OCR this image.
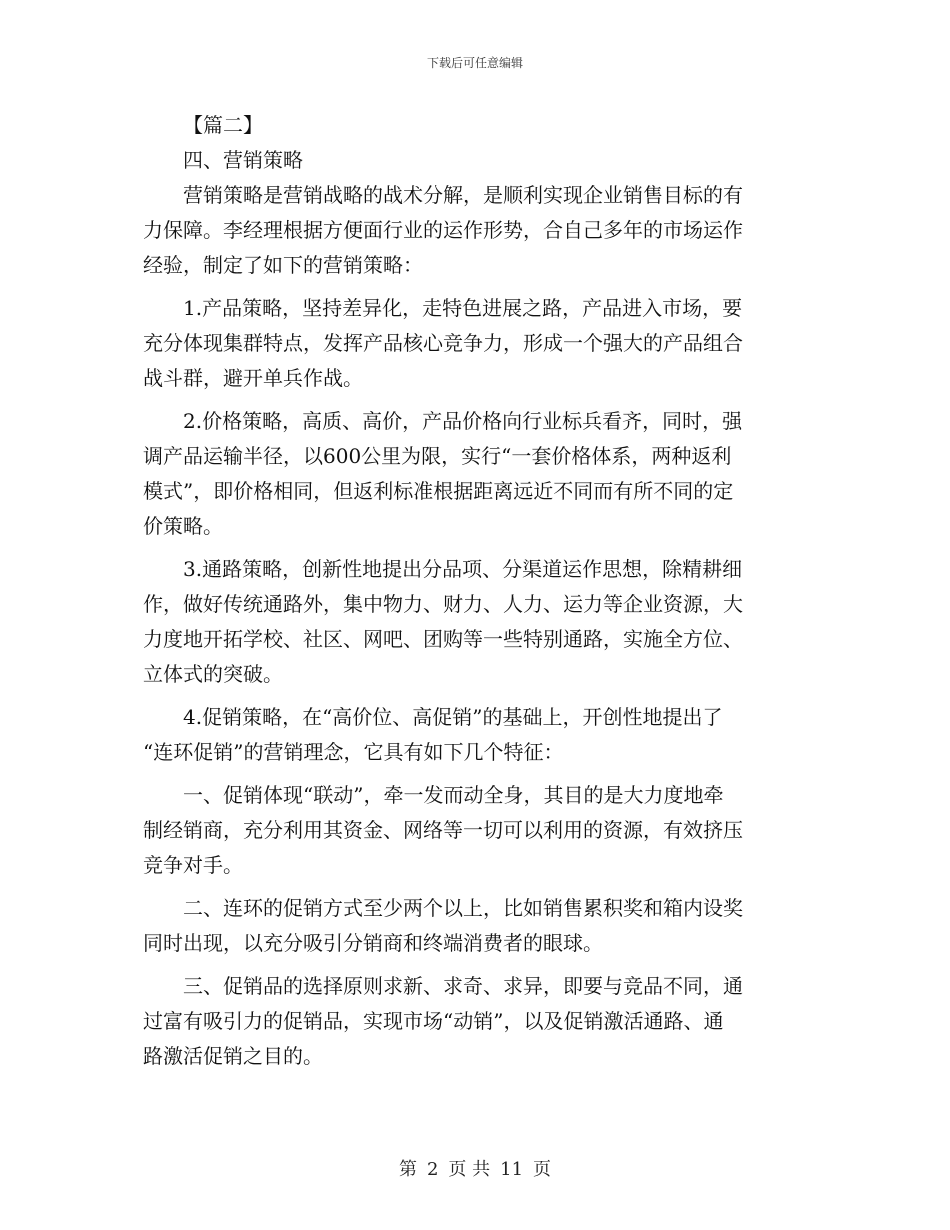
下载后可任意编辑
【篇二】
四、营销策略
营销策略是营销战略的战术分解，是顺利实现企业销售目标的有
力保障。李经理根据方便面行业的运作形势，合自己多年的市场运作
经验，制定了如下的营销策略：
1.产品策略，坚持差异化，走特色进展之路，产品进入市场，要
充分体现集群特点，发挥产品核心竞争力，形成一个强大的产品组合
战斗群，避开单兵作战。
2.价格策略，高质、高价，产品价格向行业标兵看齐，同时，强
调产品运输半径，以600公里为限，实行“一套价格体系，两种返利
模式”，即价格相同，但返利标准根据距离远近不同而有所不同的定
价策略。
3.通路策略，创新性地提出分品项、分渠道运作思想，除精耕细
作，做好传统通路外，集中物力、财力、人力、运力等企业资源，大
力度地开拓学校、社区、网吧、团购等一些特别通路，实施全方位、
立体式的突破。
4.促销策略，在“高价位、高促销”的基础上，开创性地提出了
“连环促销”的营销理念，它具有如下几个特征：
一、促销体现“联动”，牵一发而动全身，其目的是大力度地牵
制经销商，充分利用其资金、网络等一切可以利用的资源，有效挤压
竞争对手。
二、连环的促销方式至少两个以上，比如销售累积奖和箱内设奖
同时出现，以充分吸引分销商和终端消费者的眼球。
三、促销品的选择原则求新、求奇、求异，即要与竞品不同，通
过富有吸引力的促销品，实现市场“动销”，以及促销激活通路、通
路激活促销之目的。
第 2 页 共 11 页
